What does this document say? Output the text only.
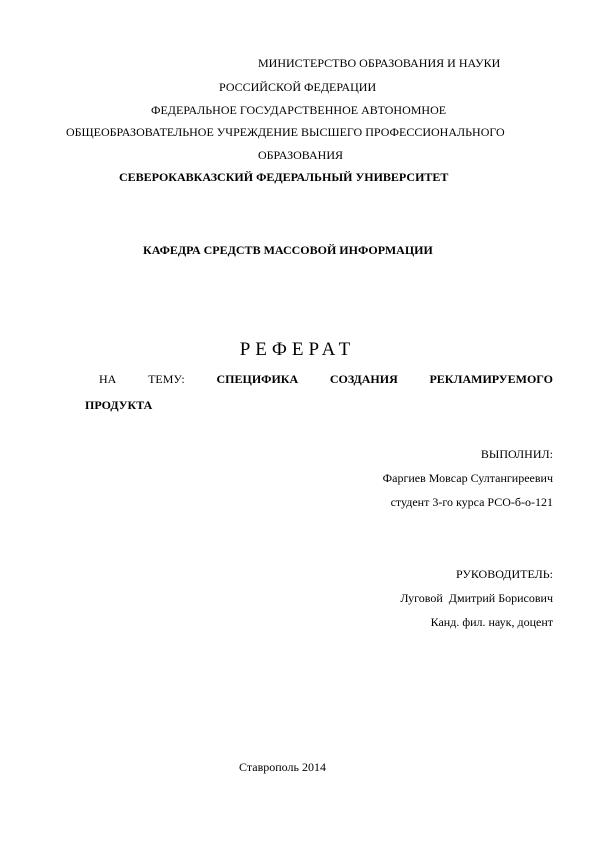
МИНИСТЕРСТВО ОБРАЗОВАНИЯ И НАУКИ
РОССИЙСКОЙ ФЕДЕРАЦИИ
ФЕДЕРАЛЬНОЕ ГОСУДАРСТВЕННОЕ АВТОНОМНОЕ
ОБЩЕОБРАЗОВАТЕЛЬНОЕ УЧРЕЖДЕНИЕ ВЫСШЕГО ПРОФЕССИОНАЛЬНОГО
ОБРАЗОВАНИЯ
СЕВЕРОКАВКАЗСКИЙ ФЕДЕРАЛЬНЫЙ УНИВЕРСИТЕТ
КАФЕДРА СРЕДСТВ МАССОВОЙ ИНФОРМАЦИИ
РЕФЕРАТ
НА	ТЕМУ:	СПЕЦИФИКА	СОЗДАНИЯ	РЕКЛАМИРУЕМОГО
ПРОДУКТА
ВЫПОЛНИЛ:
Фаргиев Мовсар Султангиреевич
студент 3-го курса РСО-б-о-121
РУКОВОДИТЕЛЬ:
Луговой  Дмитрий Борисович
Канд. фил. наук, доцент
Ставрополь 2014
